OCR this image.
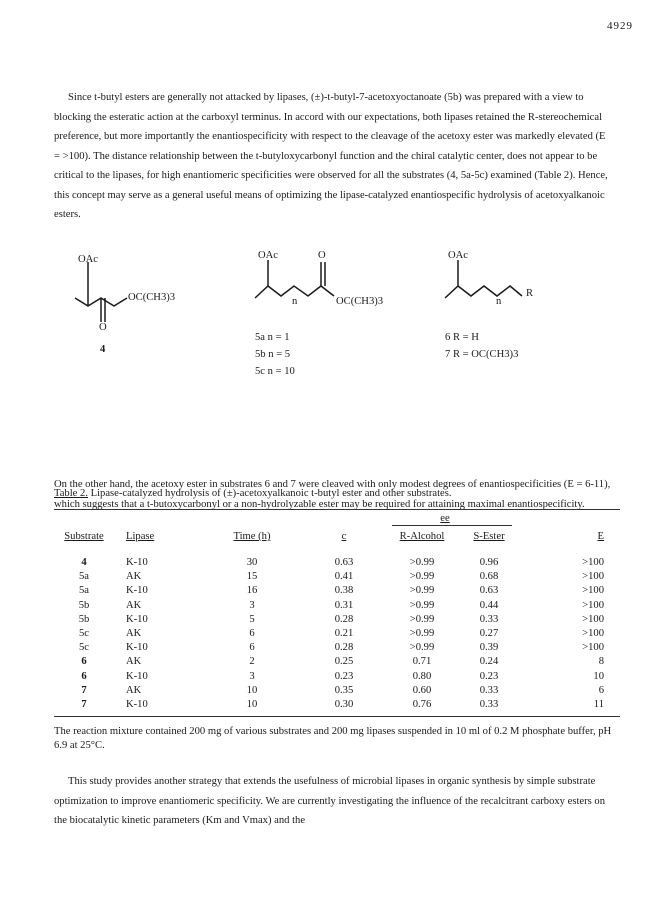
4929

Since t-butyl esters are generally not attacked by lipases, (±)-t-butyl-7-acetoxyoctanoate (5b) was prepared with a view to blocking the esteratic action at the carboxyl terminus. In accord with our expectations, both lipases retained the R-stereochemical preference, but more importantly the enantiospecificity with respect to the cleavage of the acetoxy ester was markedly elevated (E = >100). The distance relationship between the t-butyloxycarbonyl function and the chiral catalytic center, does not appear to be critical to the lipases, for high enantiomeric specificities were observed for all the substrates (4, 5a-5c) examined (Table 2). Hence, this concept may serve as a general useful means of optimizing the lipase-catalyzed enantiospecific hydrolysis of acetoxyalkanoic esters.

OAc
OC(CH3)3
O
4
OAc	O
n	OC(CH3)3
5a n = 1
5b n = 5
5c n = 10
OAc
n
R
6 R = H
7 R = OC(CH3)3

On the other hand, the acetoxy ester in substrates 6 and 7 were cleaved with only modest degrees of enantiospecificities (E = 6-11), which suggests that a t-butoxycarbonyl or a non-hydrolyzable ester may be required for attaining maximal enantiospecificity.

Table 2. Lipase-catalyzed hydrolysis of (±)-acetoxyalkanoic t-butyl ester and other substrates.
ee
Substrate Lipase	Time (h)	c	R-Alcohol	S-Ester	E
4	K-10	30	0.63	>0.99	0.96	>100
5a	AK	15	0.41	>0.99	0.68	>100
5a	K-10	16	0.38	>0.99	0.63	>100
5b	AK	3	0.31	>0.99	0.44	>100
5b	K-10	5	0.28	>0.99	0.33	>100
5c	AK	6	0.21	>0.99	0.27	>100
5c	K-10	6	0.28	>0.99	0.39	>100
6	AK	2	0.25	0.71	0.24	8
6	K-10	3	0.23	0.80	0.23	10
7	AK	10	0.35	0.60	0.33	6
7	K-10	10	0.30	0.76	0.33	11
The reaction mixture contained 200 mg of various substrates and 200 mg lipases suspended in 10 ml of 0.2 M phosphate buffer, pH 6.9 at 25°C.

This study provides another strategy that extends the usefulness of microbial lipases in organic synthesis by simple substrate optimization to improve enantiomeric specificity. We are currently investigating the influence of the recalcitrant carboxy esters on the biocatalytic kinetic parameters (Km and Vmax) and the
